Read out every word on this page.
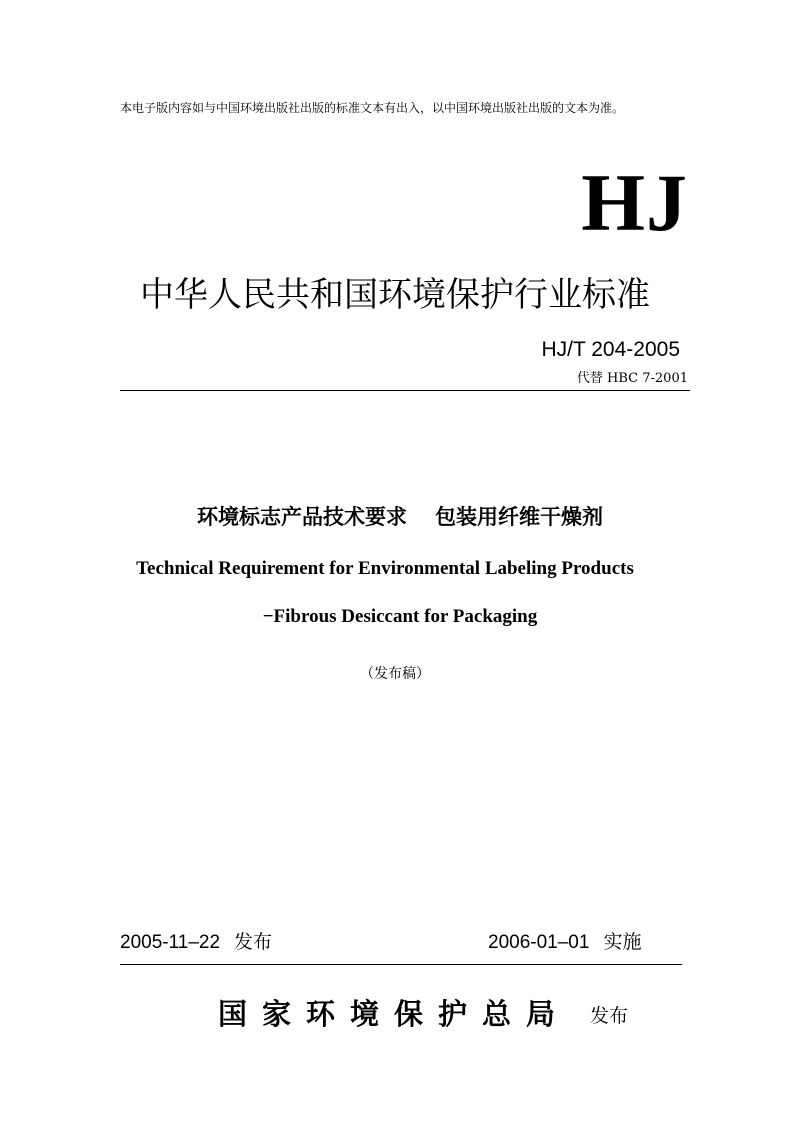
本电子版内容如与中国环境出版社出版的标准文本有出入，以中国环境出版社出版的文本为准。
HJ
中华人民共和国环境保护行业标准
HJ/T 204-2005
代替 HBC 7-2001
环境标志产品技术要求 包装用纤维干燥剂
Technical Requirement for Environmental Labeling Products
−Fibrous Desiccant for Packaging
（发布稿）
2005-11–22 发布	2006-01–01 实施
国家环境保护总局 发布
